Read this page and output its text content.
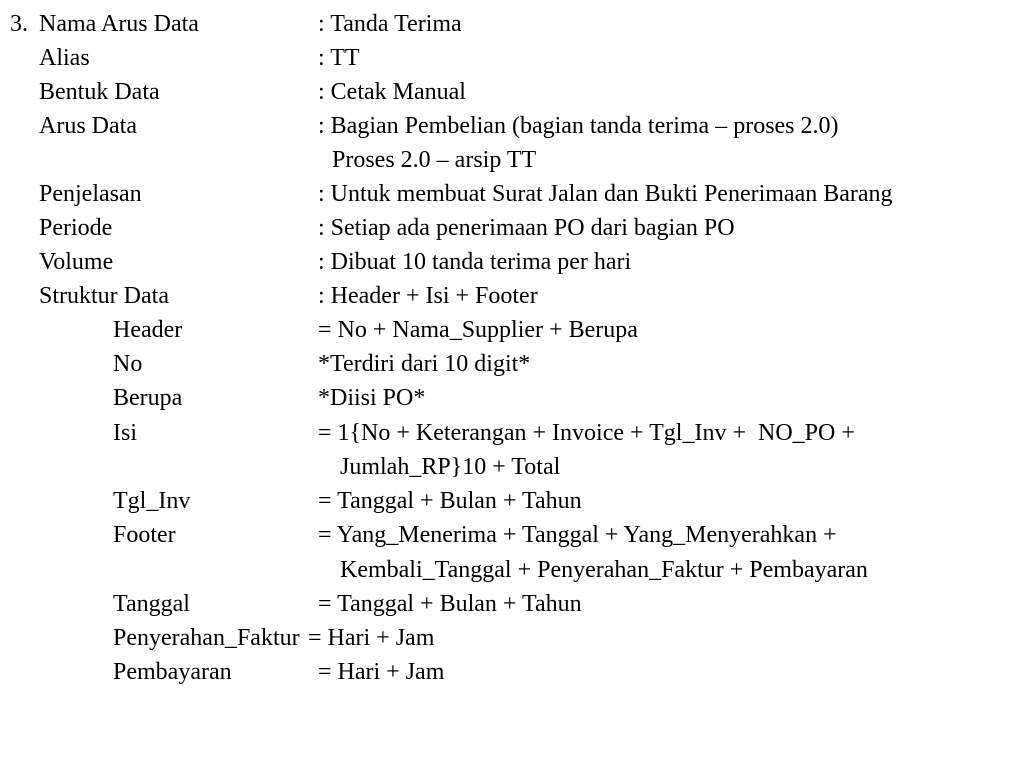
3. Nama Arus Data	: Tanda Terima
Alias	: TT
Bentuk Data	: Cetak Manual
Arus Data	: Bagian Pembelian (bagian tanda terima – proses 2.0)
Proses 2.0 – arsip TT
Penjelasan	: Untuk membuat Surat Jalan dan Bukti Penerimaan Barang
Periode	: Setiap ada penerimaan PO dari bagian PO
Volume	: Dibuat 10 tanda terima per hari
Struktur Data	: Header + Isi + Footer
Header	= No + Nama_Supplier + Berupa
No	*Terdiri dari 10 digit*
Berupa	*Diisi PO*
Isi	= 1{No + Keterangan + Invoice + Tgl_Inv +  NO_PO +
Jumlah_RP}10 + Total
Tgl_Inv	= Tanggal + Bulan + Tahun
Footer	= Yang_Menerima + Tanggal + Yang_Menyerahkan +
Kembali_Tanggal + Penyerahan_Faktur + Pembayaran
Tanggal	= Tanggal + Bulan + Tahun
Penyerahan_Faktur = Hari + Jam
Pembayaran	= Hari + Jam
